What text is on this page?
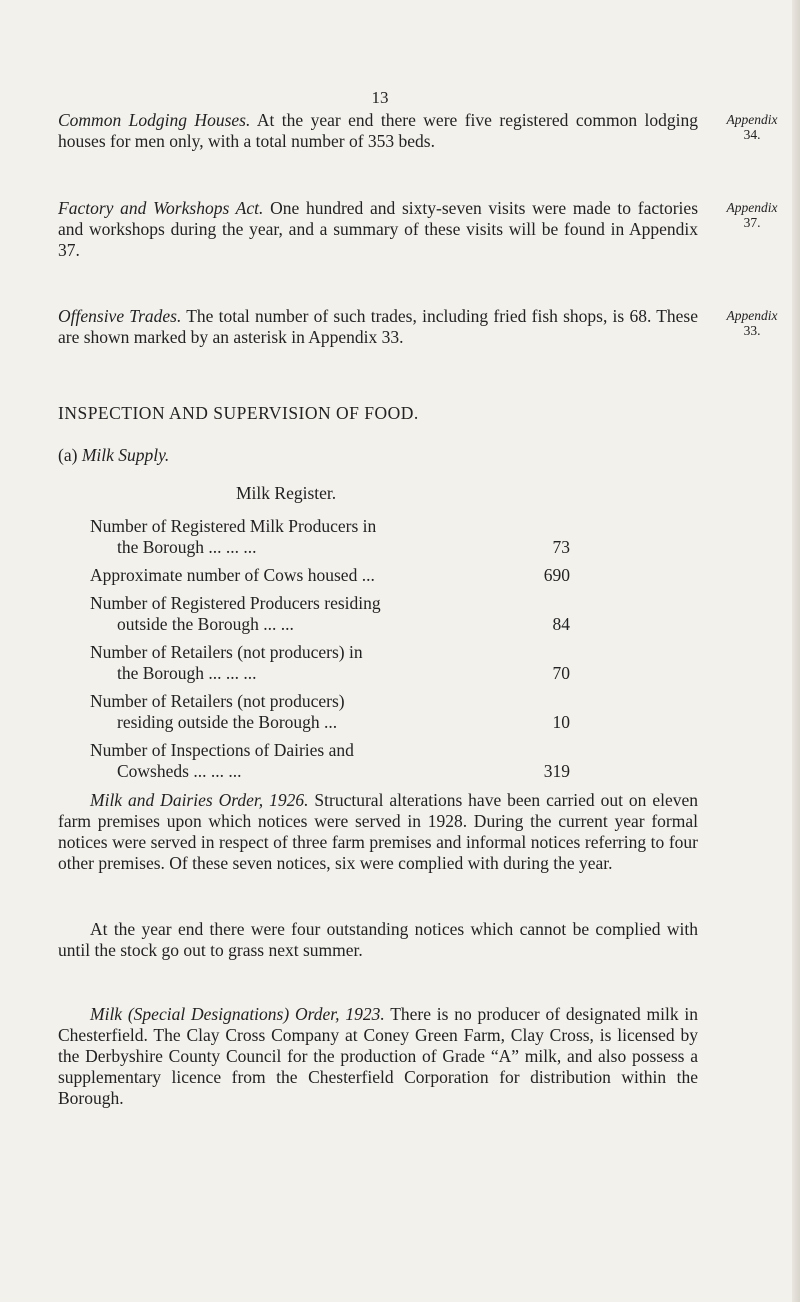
13
Common Lodging Houses. At the year end there were five registered common lodging houses for men only, with a total number of 353 beds.
Appendix
34.
Factory and Workshops Act. One hundred and sixty-seven visits were made to factories and workshops during the year, and a summary of these visits will be found in Appendix 37.
Appendix
37.
Offensive Trades. The total number of such trades, including fried fish shops, is 68. These are shown marked by an asterisk in Appendix 33.
Appendix
33.
INSPECTION AND SUPERVISION OF FOOD.
(a) Milk Supply.
Milk Register.
Number of Registered Milk Producers in
the Borough ... ... ...	73
Approximate number of Cows housed ...	690
Number of Registered Producers residing
outside the Borough ... ...	84
Number of Retailers (not producers) in
the Borough ... ... ...	70
Number of Retailers (not producers)
residing outside the Borough ...	10
Number of Inspections of Dairies and
Cowsheds ... ... ...	319
Milk and Dairies Order, 1926. Structural alterations have been carried out on eleven farm premises upon which notices were served in 1928. During the current year formal notices were served in respect of three farm premises and informal notices referring to four other premises. Of these seven notices, six were complied with during the year.
At the year end there were four outstanding notices which cannot be complied with until the stock go out to grass next summer.
Milk (Special Designations) Order, 1923. There is no producer of designated milk in Chesterfield. The Clay Cross Company at Coney Green Farm, Clay Cross, is licensed by the Derbyshire County Council for the production of Grade “A” milk, and also possess a supplementary licence from the Chesterfield Corporation for distribution within the Borough.
